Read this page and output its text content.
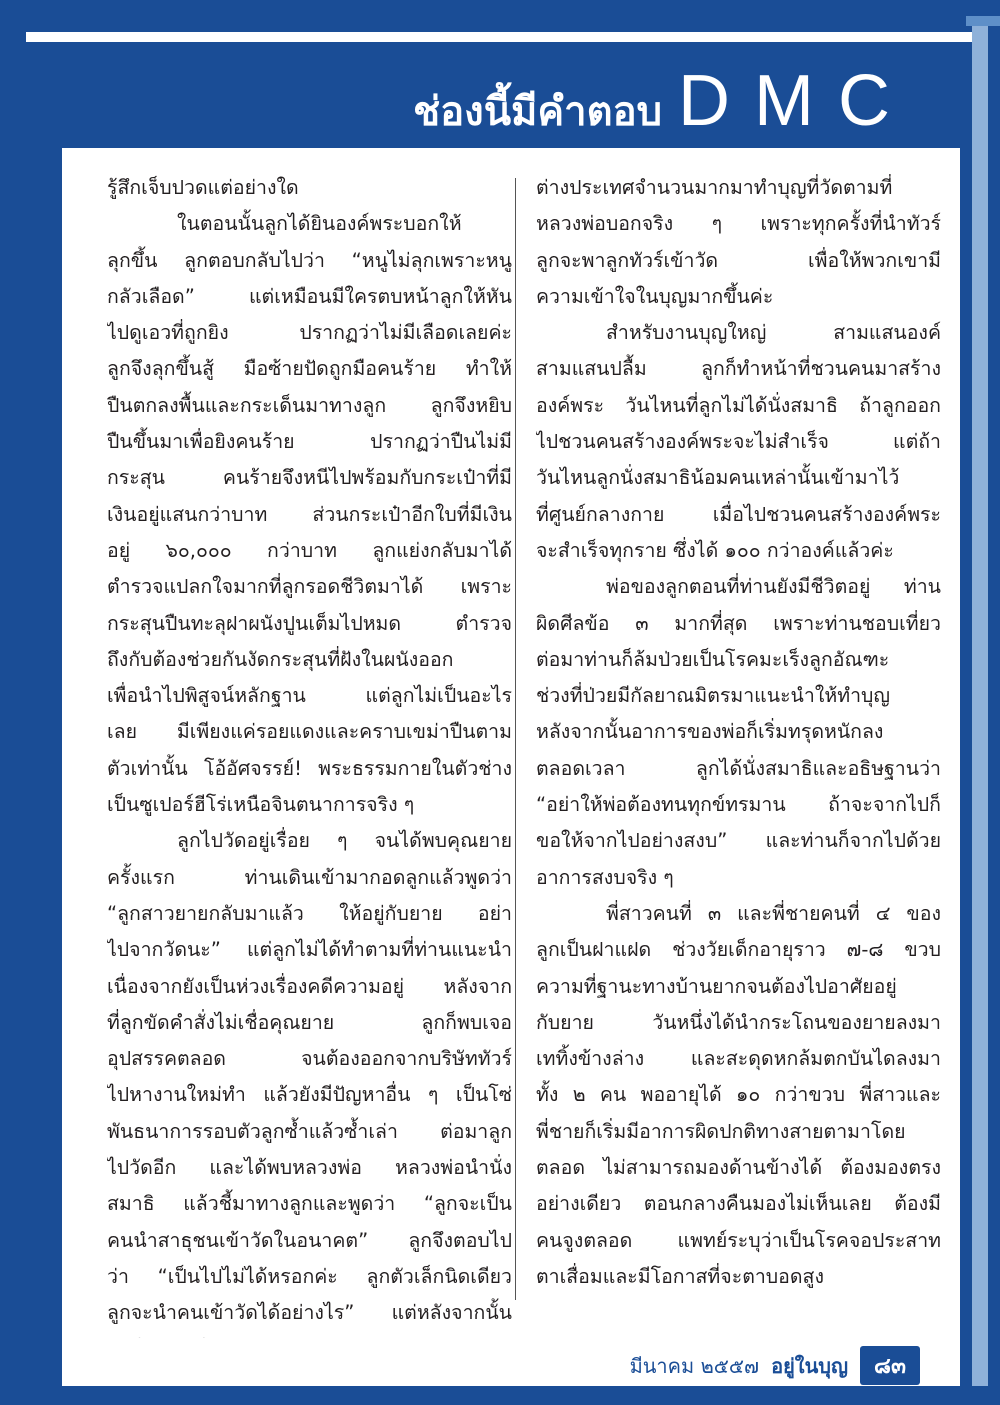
ช่องนี้มีคำตอบ DMC
รู้สึกเจ็บปวดแต่อย่างใด
ในตอนนั้นลูกได้ยินองค์พระบอกให้
ลุกขึ้น ลูกตอบกลับไปว่า “หนูไม่ลุกเพราะหนู
กลัวเลือด” แต่เหมือนมีใครตบหน้าลูกให้หัน
ไปดูเอวที่ถูกยิง ปรากฏว่าไม่มีเลือดเลยค่ะ
ลูกจึงลุกขึ้นสู้ มือซ้ายปัดถูกมือคนร้าย ทำให้
ปืนตกลงพื้นและกระเด็นมาทางลูก ลูกจึงหยิบ
ปืนขึ้นมาเพื่อยิงคนร้าย ปรากฏว่าปืนไม่มี
กระสุน คนร้ายจึงหนีไปพร้อมกับกระเป๋าที่มี
เงินอยู่แสนกว่าบาท ส่วนกระเป๋าอีกใบที่มีเงิน
อยู่ ๖๐,๐๐๐ กว่าบาท ลูกแย่งกลับมาได้
ตำรวจแปลกใจมากที่ลูกรอดชีวิตมาได้ เพราะ
กระสุนปืนทะลุฝาผนังปูนเต็มไปหมด ตำรวจ
ถึงกับต้องช่วยกันงัดกระสุนที่ฝังในผนังออก
เพื่อนำไปพิสูจน์หลักฐาน แต่ลูกไม่เป็นอะไร
เลย มีเพียงแค่รอยแดงและคราบเขม่าปืนตาม
ตัวเท่านั้น โอ้อัศจรรย์! พระธรรมกายในตัวช่าง
เป็นซูเปอร์ฮีโร่เหนือจินตนาการจริง ๆ
ลูกไปวัดอยู่เรื่อย ๆ จนได้พบคุณยาย
ครั้งแรก ท่านเดินเข้ามากอดลูกแล้วพูดว่า
“ลูกสาวยายกลับมาแล้ว ให้อยู่กับยาย อย่า
ไปจากวัดนะ” แต่ลูกไม่ได้ทำตามที่ท่านแนะนำ
เนื่องจากยังเป็นห่วงเรื่องคดีความอยู่ หลังจาก
ที่ลูกขัดคำสั่งไม่เชื่อคุณยาย ลูกก็พบเจอ
อุปสรรคตลอด จนต้องออกจากบริษัททัวร์
ไปหางานใหม่ทำ แล้วยังมีปัญหาอื่น ๆ เป็นโซ่
พันธนาการรอบตัวลูกซ้ำแล้วซ้ำเล่า ต่อมาลูก
ไปวัดอีก และได้พบหลวงพ่อ หลวงพ่อนำนั่ง
สมาธิ แล้วชี้มาทางลูกและพูดว่า “ลูกจะเป็น
คนนำสาธุชนเข้าวัดในอนาคต” ลูกจึงตอบไป
ว่า “เป็นไปไม่ได้หรอกค่ะ ลูกตัวเล็กนิดเดียว
ลูกจะนำคนเข้าวัดได้อย่างไร” แต่หลังจากนั้น
ต่างประเทศจำนวนมากมาทำบุญที่วัดตามที่
หลวงพ่อบอกจริง ๆ เพราะทุกครั้งที่นำทัวร์
ลูกจะพาลูกทัวร์เข้าวัด เพื่อให้พวกเขามี
ความเข้าใจในบุญมากขึ้นค่ะ
สำหรับงานบุญใหญ่ สามแสนองค์
สามแสนปลื้ม ลูกก็ทำหน้าที่ชวนคนมาสร้าง
องค์พระ วันไหนที่ลูกไม่ได้นั่งสมาธิ ถ้าลูกออก
ไปชวนคนสร้างองค์พระจะไม่สำเร็จ แต่ถ้า
วันไหนลูกนั่งสมาธิน้อมคนเหล่านั้นเข้ามาไว้
ที่ศูนย์กลางกาย เมื่อไปชวนคนสร้างองค์พระ
จะสำเร็จทุกราย ซึ่งได้ ๑๐๐ กว่าองค์แล้วค่ะ
พ่อของลูกตอนที่ท่านยังมีชีวิตอยู่ ท่าน
ผิดศีลข้อ ๓ มากที่สุด เพราะท่านชอบเที่ยว
ต่อมาท่านก็ล้มป่วยเป็นโรคมะเร็งลูกอัณฑะ
ช่วงที่ป่วยมีกัลยาณมิตรมาแนะนำให้ทำบุญ
หลังจากนั้นอาการของพ่อก็เริ่มทรุดหนักลง
ตลอดเวลา ลูกได้นั่งสมาธิและอธิษฐานว่า
“อย่าให้พ่อต้องทนทุกข์ทรมาน ถ้าจะจากไปก็
ขอให้จากไปอย่างสงบ” และท่านก็จากไปด้วย
อาการสงบจริง ๆ
พี่สาวคนที่ ๓ และพี่ชายคนที่ ๔ ของ
ลูกเป็นฝาแฝด ช่วงวัยเด็กอายุราว ๗-๘ ขวบ
ความที่ฐานะทางบ้านยากจนต้องไปอาศัยอยู่
กับยาย วันหนึ่งได้นำกระโถนของยายลงมา
เททิ้งข้างล่าง และสะดุดหกล้มตกบันไดลงมา
ทั้ง ๒ คน พออายุได้ ๑๐ กว่าขวบ พี่สาวและ
พี่ชายก็เริ่มมีอาการผิดปกติทางสายตามาโดย
ตลอด ไม่สามารถมองด้านข้างได้ ต้องมองตรง
อย่างเดียว ตอนกลางคืนมองไม่เห็นเลย ต้องมี
คนจูงตลอด แพทย์ระบุว่าเป็นโรคจอประสาท
ตาเสื่อมและมีโอกาสที่จะตาบอดสูง
มีนาคม ๒๕๕๗ อยู่ในบุญ	๘๓
